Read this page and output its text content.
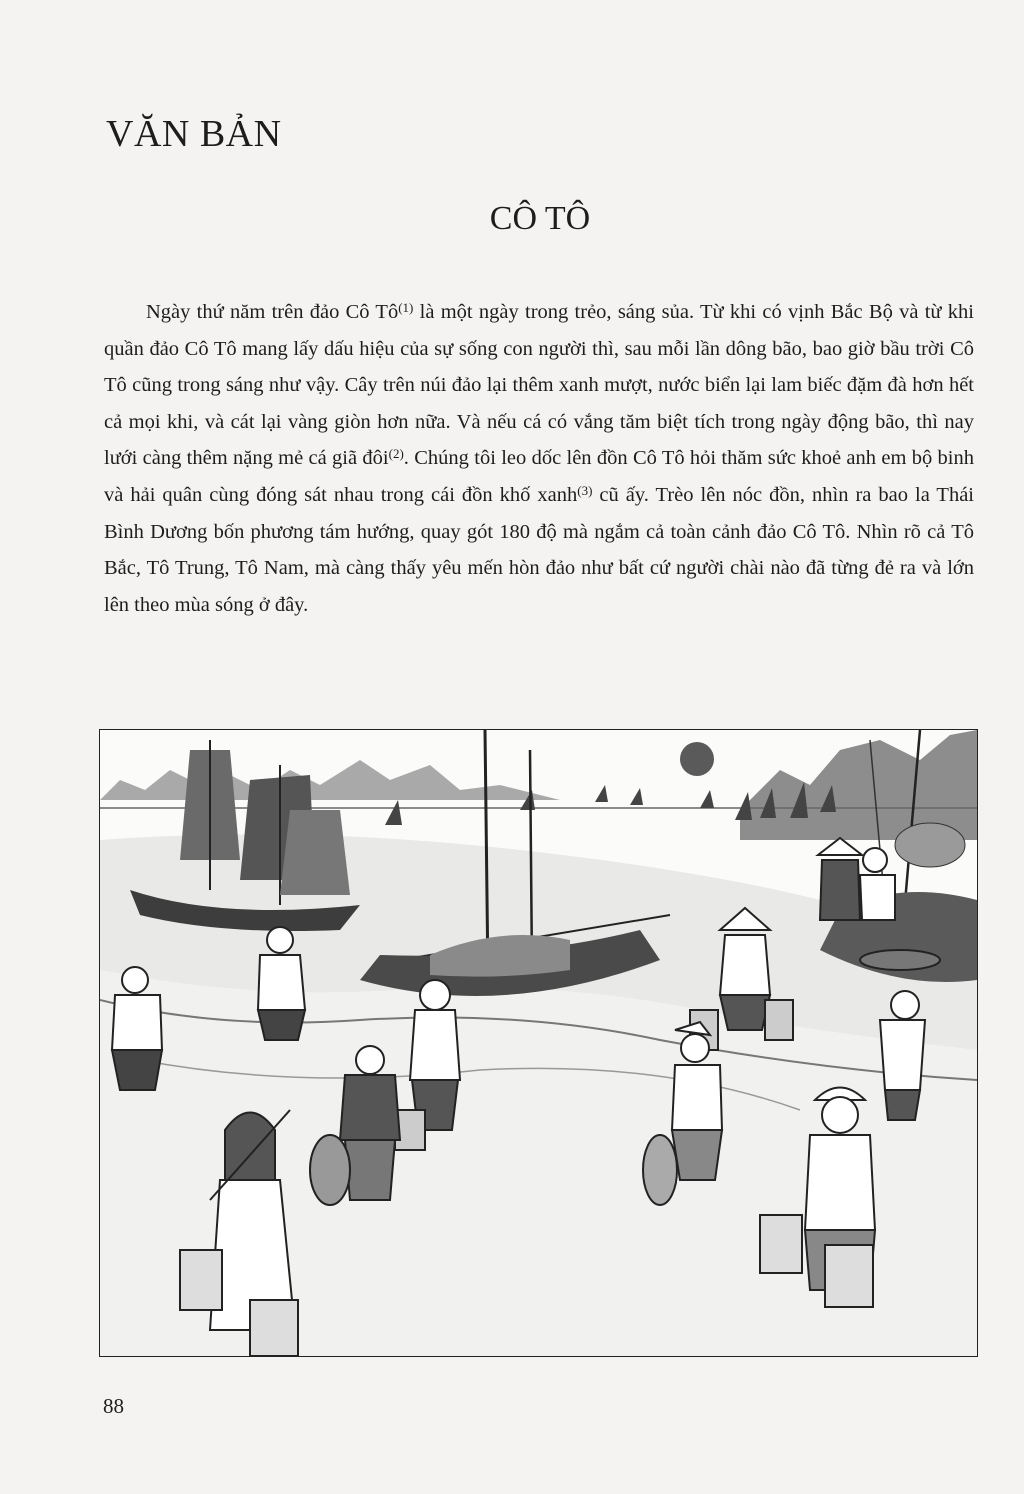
VĂN BẢN
CÔ TÔ

Ngày thứ năm trên đảo Cô $Tô^{(1)}$ là một ngày trong trẻo, sáng sủa. Từ khi có vịnh Bắc Bộ và từ khi quần đảo Cô Tô mang lấy dấu hiệu của sự sống con người thì, sau mỗi lần dông bão, bao giờ bầu trời Cô Tô cũng trong sáng như vậy. Cây trên núi đảo lại thêm xanh mượt, nước biển lại lam biếc đặm đà hơn hết cả mọi khi, và cát lại vàng giòn hơn nữa. Và nếu cá có vắng tăm biệt tích trong ngày động bão, thì nay lưới càng thêm nặng mẻ cá giã đôi$^{(2)}$. Chúng tôi leo dốc lên đồn Cô Tô hỏi thăm sức khoẻ anh em bộ binh và hải quân cùng đóng sát nhau trong cái đồn khố xanh$^{(3)}$ cũ ấy. Trèo lên nóc đồn, nhìn ra bao la Thái Bình Dương bốn phương tám hướng, quay gót 180 độ mà ngắm cả toàn cảnh đảo Cô Tô. Nhìn rõ cả Tô Bắc, Tô Trung, Tô Nam, mà càng thấy yêu mến hòn đảo như bất cứ người chài nào đã từng đẻ ra và lớn lên theo mùa sóng ở đây.

88
